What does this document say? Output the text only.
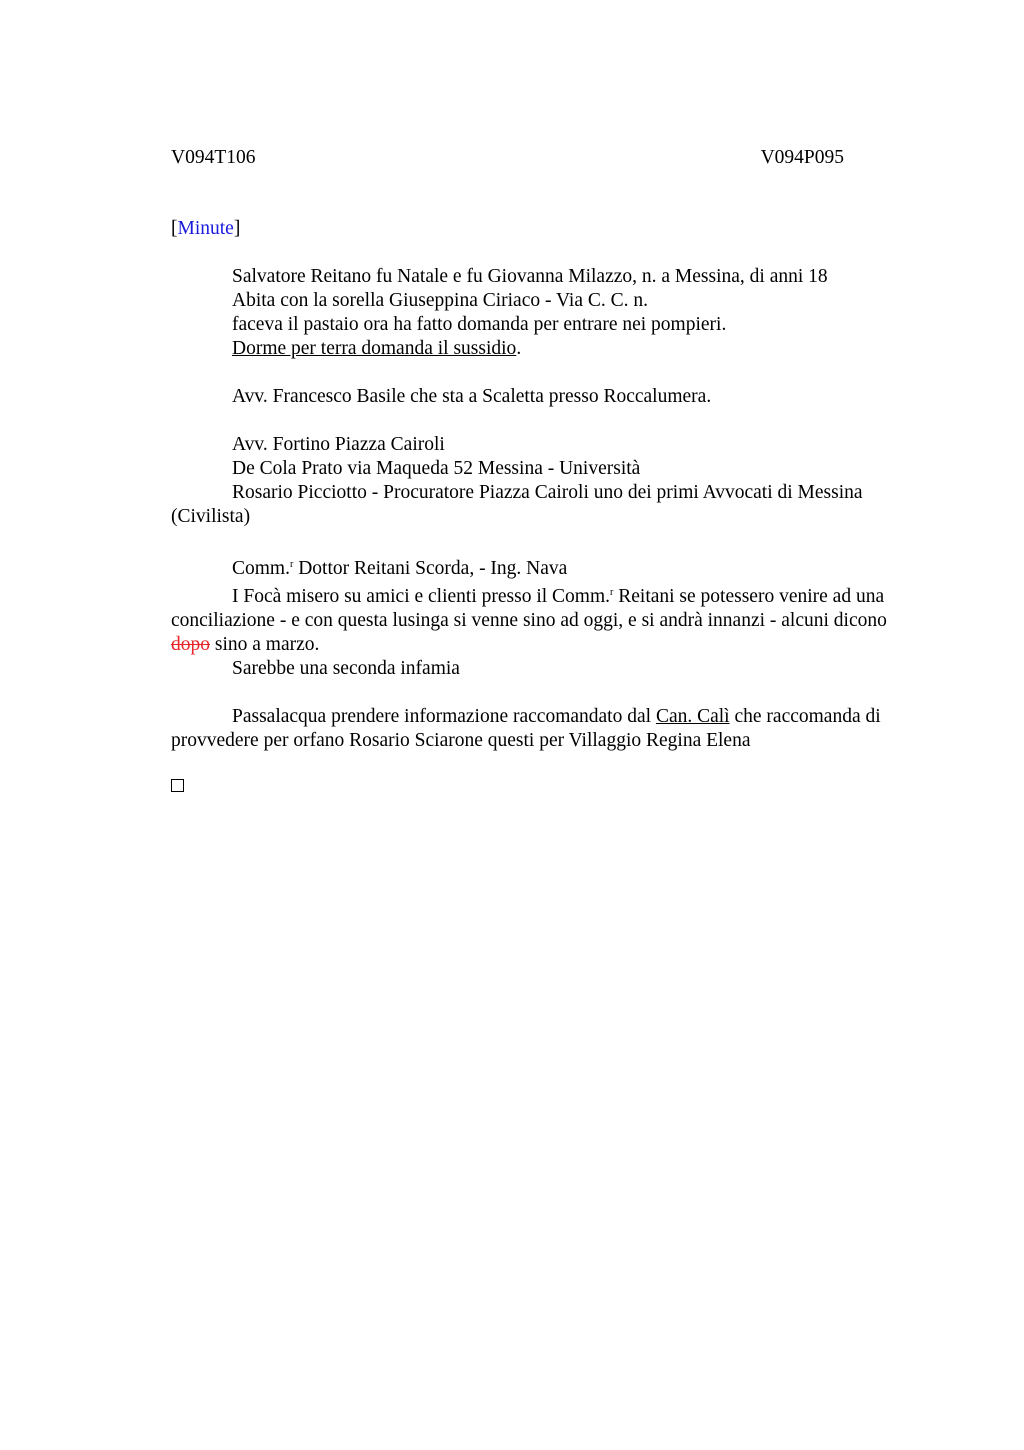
V094T106	V094P095
[Minute]
Salvatore Reitano fu Natale e fu Giovanna Milazzo, n. a Messina, di anni 18
Abita con la sorella Giuseppina Ciriaco - Via C. C. n.
faceva il pastaio ora ha fatto domanda per entrare nei pompieri.
Dorme per terra domanda il sussidio.
Avv. Francesco Basile che sta a Scaletta presso Roccalumera.
Avv. Fortino Piazza Cairoli
De Cola Prato via Maqueda 52 Messina - Università
Rosario Picciotto - Procuratore Piazza Cairoli uno dei primi Avvocati di Messina (Civilista)
Comm.$^r$ Dottor Reitani Scorda, - Ing. Nava
I Focà misero su amici e clienti presso il Comm.$^r$ Reitani se potessero venire ad una conciliazione - e con questa lusinga si venne sino ad oggi, e si andrà innanzi - alcuni dicono dopo sino a marzo.
Sarebbe una seconda infamia
Passalacqua prendere informazione raccomandato dal Can. Calì che raccomanda di provvedere per orfano Rosario Sciarone questi per Villaggio Regina Elena
